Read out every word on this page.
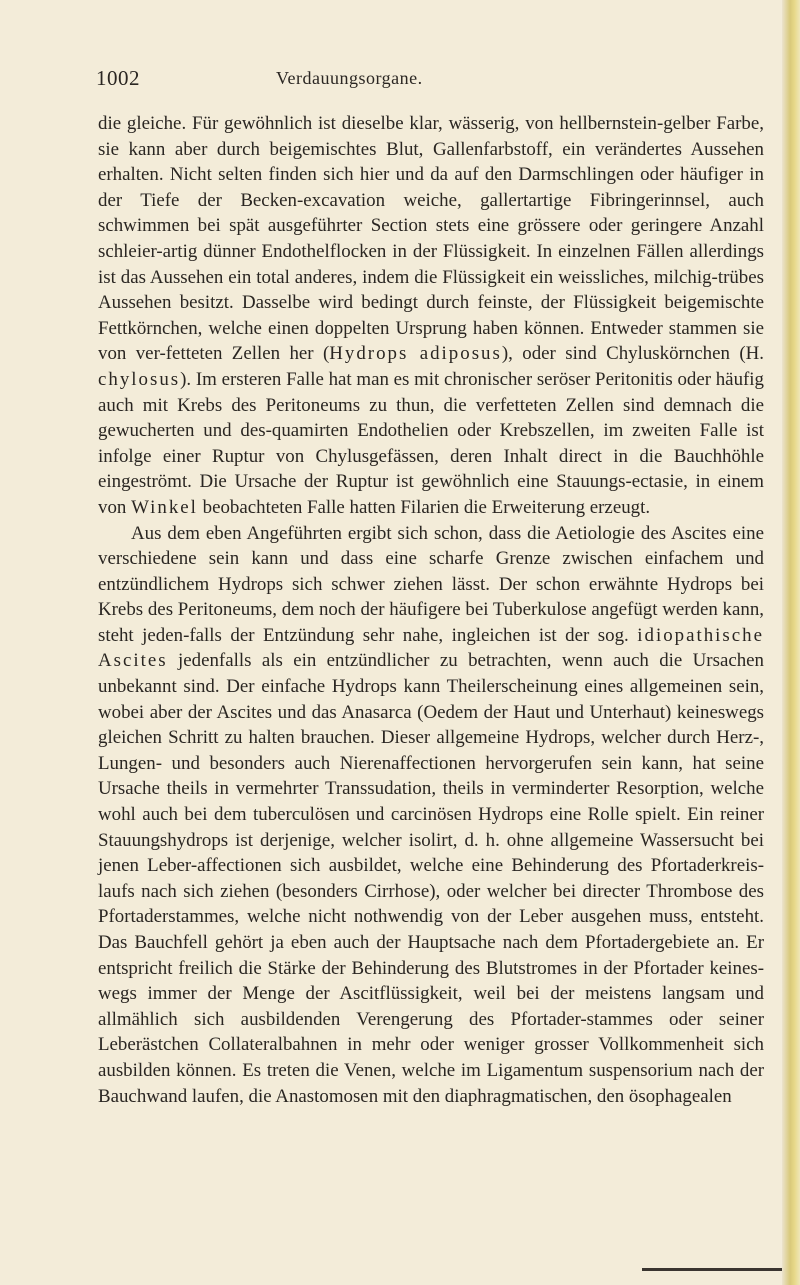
1002	Verdauungsorgane.

die gleiche. Für gewöhnlich ist dieselbe klar, wässerig, von hellbernstein-gelber Farbe, sie kann aber durch beigemischtes Blut, Gallenfarbstoff, ein verändertes Aussehen erhalten. Nicht selten finden sich hier und da auf den Darmschlingen oder häufiger in der Tiefe der Becken-excavation weiche, gallertartige Fibringerinnsel, auch schwimmen bei spät ausgeführter Section stets eine grössere oder geringere Anzahl schleier-artig dünner Endothelflocken in der Flüssigkeit. In einzelnen Fällen allerdings ist das Aussehen ein total anderes, indem die Flüssigkeit ein weissliches, milchig-trübes Aussehen besitzt. Dasselbe wird bedingt durch feinste, der Flüssigkeit beigemischte Fettkörnchen, welche einen doppelten Ursprung haben können. Entweder stammen sie von ver-fetteten Zellen her (Hydrops adiposus), oder sind Chyluskörnchen (H. chylosus). Im ersteren Falle hat man es mit chronischer seröser Peritonitis oder häufig auch mit Krebs des Peritoneums zu thun, die verfetteten Zellen sind demnach die gewucherten und des-quamirten Endothelien oder Krebszellen, im zweiten Falle ist infolge einer Ruptur von Chylusgefässen, deren Inhalt direct in die Bauchhöhle eingeströmt. Die Ursache der Ruptur ist gewöhnlich eine Stauungs-ectasie, in einem von Winkel beobachteten Falle hatten Filarien die Erweiterung erzeugt.

Aus dem eben Angeführten ergibt sich schon, dass die Aetiologie des Ascites eine verschiedene sein kann und dass eine scharfe Grenze zwischen einfachem und entzündlichem Hydrops sich schwer ziehen lässt. Der schon erwähnte Hydrops bei Krebs des Peritoneums, dem noch der häufigere bei Tuberkulose angefügt werden kann, steht jeden-falls der Entzündung sehr nahe, ingleichen ist der sog. idiopathische Ascites jedenfalls als ein entzündlicher zu betrachten, wenn auch die Ursachen unbekannt sind. Der einfache Hydrops kann Theilerscheinung eines allgemeinen sein, wobei aber der Ascites und das Anasarca (Oedem der Haut und Unterhaut) keineswegs gleichen Schritt zu halten brauchen. Dieser allgemeine Hydrops, welcher durch Herz-, Lungen- und besonders auch Nierenaffectionen hervorgerufen sein kann, hat seine Ursache theils in vermehrter Transsudation, theils in verminderter Resorption, welche wohl auch bei dem tuberculösen und carcinösen Hydrops eine Rolle spielt. Ein reiner Stauungshydrops ist derjenige, welcher isolirt, d. h. ohne allgemeine Wassersucht bei jenen Leber-affectionen sich ausbildet, welche eine Behinderung des Pfortaderkreis-laufs nach sich ziehen (besonders Cirrhose), oder welcher bei directer Thrombose des Pfortaderstammes, welche nicht nothwendig von der Leber ausgehen muss, entsteht. Das Bauchfell gehört ja eben auch der Hauptsache nach dem Pfortadergebiete an. Er entspricht freilich die Stärke der Behinderung des Blutstromes in der Pfortader keines-wegs immer der Menge der Ascitflüssigkeit, weil bei der meistens langsam und allmählich sich ausbildenden Verengerung des Pfortader-stammes oder seiner Leberästchen Collateralbahnen in mehr oder weniger grosser Vollkommenheit sich ausbilden können. Es treten die Venen, welche im Ligamentum suspensorium nach der Bauchwand laufen, die Anastomosen mit den diaphragmatischen, den ösophagealen
